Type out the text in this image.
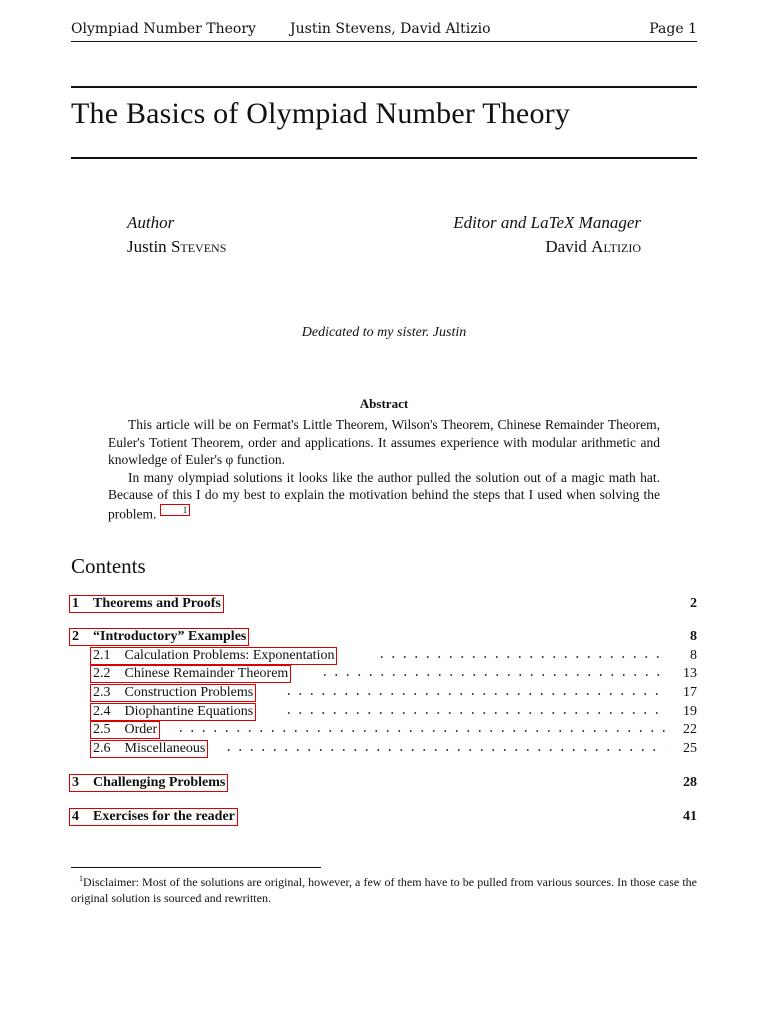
Olympiad Number Theory Justin Stevens, David Altizio	Page 1
The Basics of Olympiad Number Theory
Author
Justin Stevens
Editor and LaTeX Manager
David Altizio
Dedicated to my sister. Justin
Abstract

This article will be on Fermat's Little Theorem, Wilson's Theorem, Chinese Remainder Theorem, Euler's Totient Theorem, order and applications. It assumes experience with modular arithmetic and knowledge of Euler's φ function.

In many olympiad solutions it looks like the author pulled the solution out of a magic math hat. Because of this I do my best to explain the motivation behind the steps that I used when solving the problem.	1

Contents
1 Theorems and Proofs	2
2 “Introductory” Examples	8
2.1 Calculation Problems: Exponentation	8
2.2 Chinese Remainder Theorem	13
2.3 Construction Problems	17
2.4 Diophantine Equations	19
2.5 Order	22
2.6 Miscellaneous	25
3 Challenging Problems	28
4 Exercises for the reader	41
$^1$Disclaimer: Most of the solutions are original, however, a few of them have to be pulled from various sources. In those case the original solution is sourced and rewritten.
